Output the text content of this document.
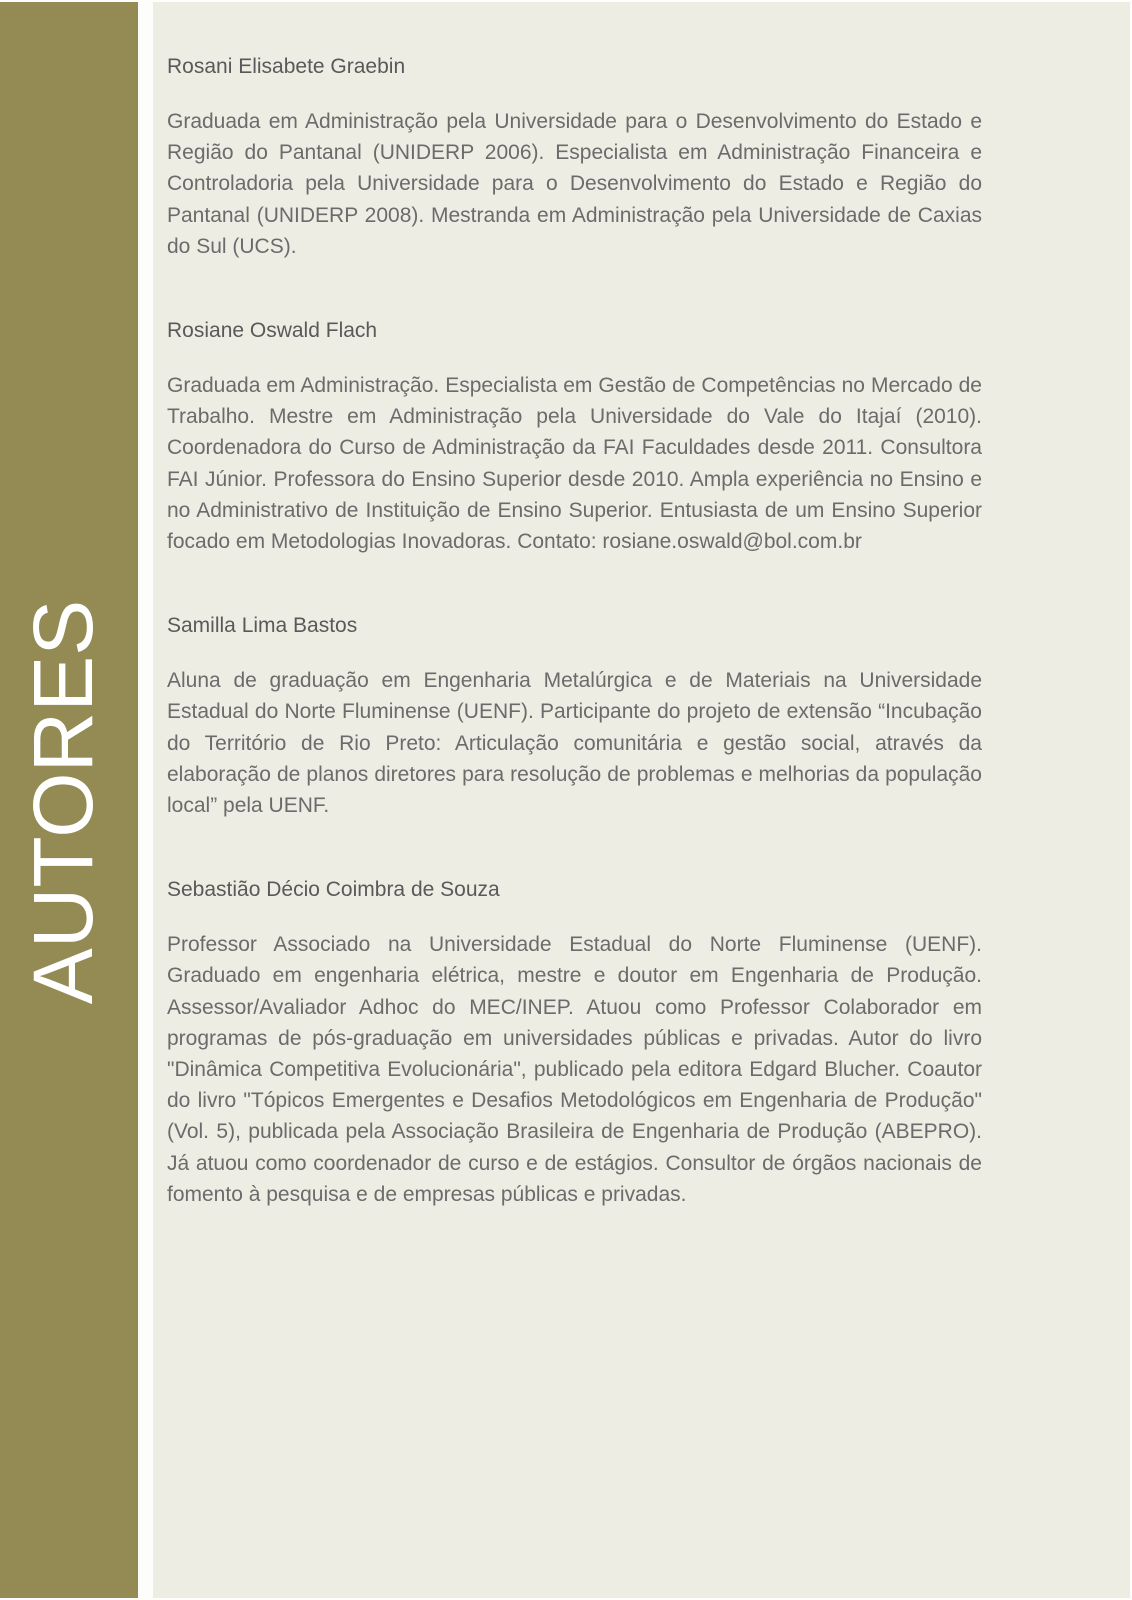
AUTORES
Rosani Elisabete Graebin

Graduada em Administração pela Universidade para o Desenvolvimento do Estado e Região do Pantanal (UNIDERP 2006). Especialista em Administração Financeira e Controladoria pela Universidade para o Desenvolvimento do Estado e Região do Pantanal (UNIDERP 2008). Mestranda em Administração pela Universidade de Caxias do Sul (UCS).

Rosiane Oswald Flach

Graduada em Administração. Especialista em Gestão de Competências no Mercado de Trabalho. Mestre em Administração pela Universidade do Vale do Itajaí (2010). Coordenadora do Curso de Administração da FAI Faculdades desde 2011. Consultora FAI Júnior. Professora do Ensino Superior desde 2010. Ampla experiência no Ensino e no Administrativo de Instituição de Ensino Superior. Entusiasta de um Ensino Superior focado em Metodologias Inovadoras. Contato: rosiane.oswald@bol.com.br

Samilla Lima Bastos

Aluna de graduação em Engenharia Metalúrgica e de Materiais na Universidade Estadual do Norte Fluminense (UENF). Participante do projeto de extensão “Incubação do Território de Rio Preto: Articulação comunitária e gestão social, através da elaboração de planos diretores para resolução de problemas e melhorias da população local” pela UENF.

Sebastião Décio Coimbra de Souza

Professor Associado na Universidade Estadual do Norte Fluminense (UENF). Graduado em engenharia elétrica, mestre e doutor em Engenharia de Produção. Assessor/Avaliador Adhoc do MEC/INEP. Atuou como Professor Colaborador em programas de pós-graduação em universidades públicas e privadas. Autor do livro "Dinâmica Competitiva Evolucionária", publicado pela editora Edgard Blucher. Coautor do livro "Tópicos Emergentes e Desafios Metodológicos em Engenharia de Produção" (Vol. 5), publicada pela Associação Brasileira de Engenharia de Produção (ABEPRO). Já atuou como coordenador de curso e de estágios. Consultor de órgãos nacionais de fomento à pesquisa e de empresas públicas e privadas.
